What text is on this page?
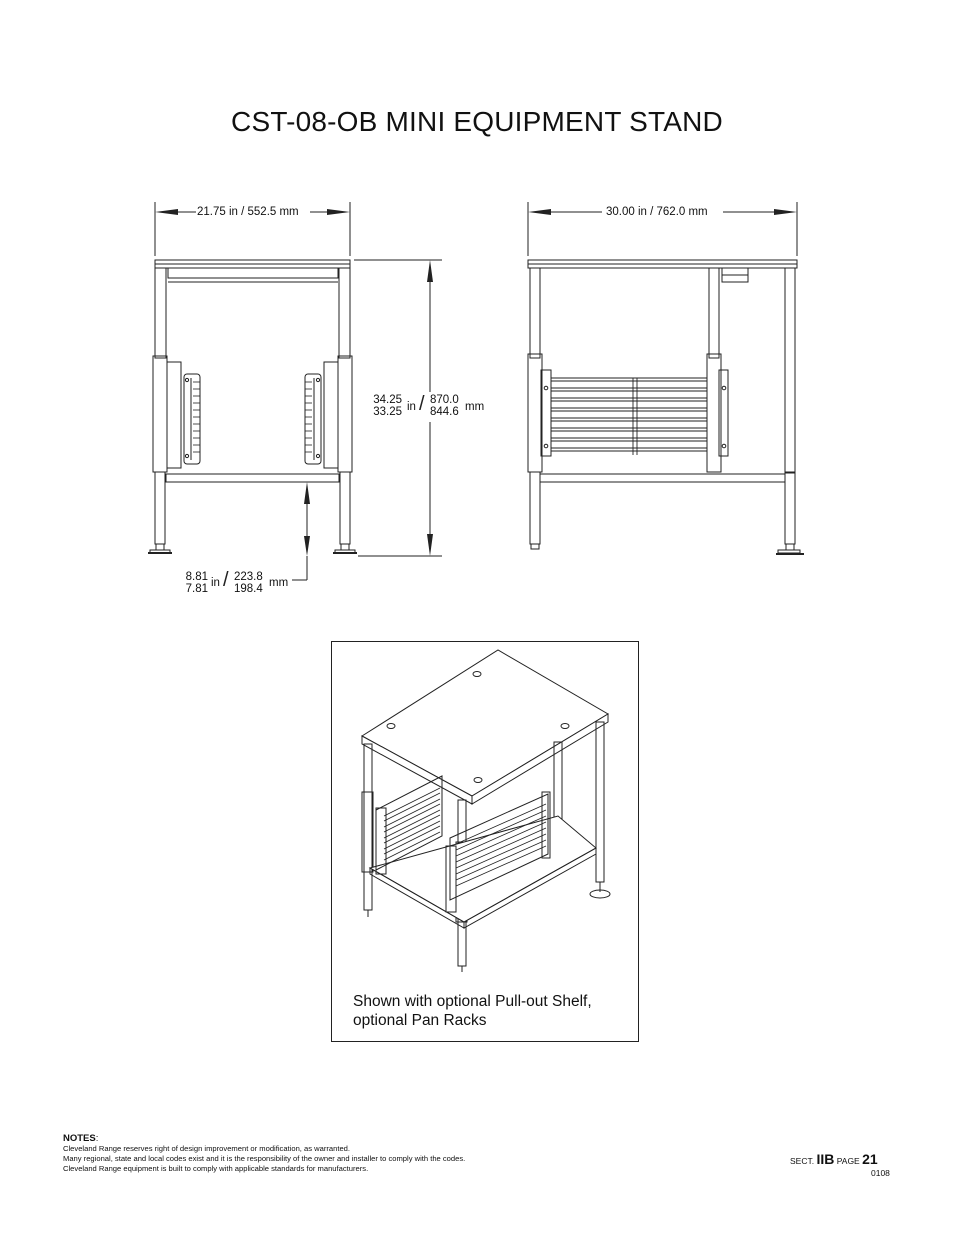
CST-08-OB MINI EQUIPMENT STAND
21.75 in / 552.5 mm	30.00 in / 762.0 mm
34.25
33.25 in / 870.0
844.6 mm
8.81
7.81 in / 223.8
198.4 mm
Shown with optional Pull-out Shelf,
optional Pan Racks
NOTES:
Cleveland Range reserves right of design improvement or modification, as warranted.
Many regional, state and local codes exist and it is the responsibility of the owner and installer to comply with the codes.
Cleveland Range equipment is built to comply with applicable standards for manufacturers.
SECT. IIB PAGE 21
0108
